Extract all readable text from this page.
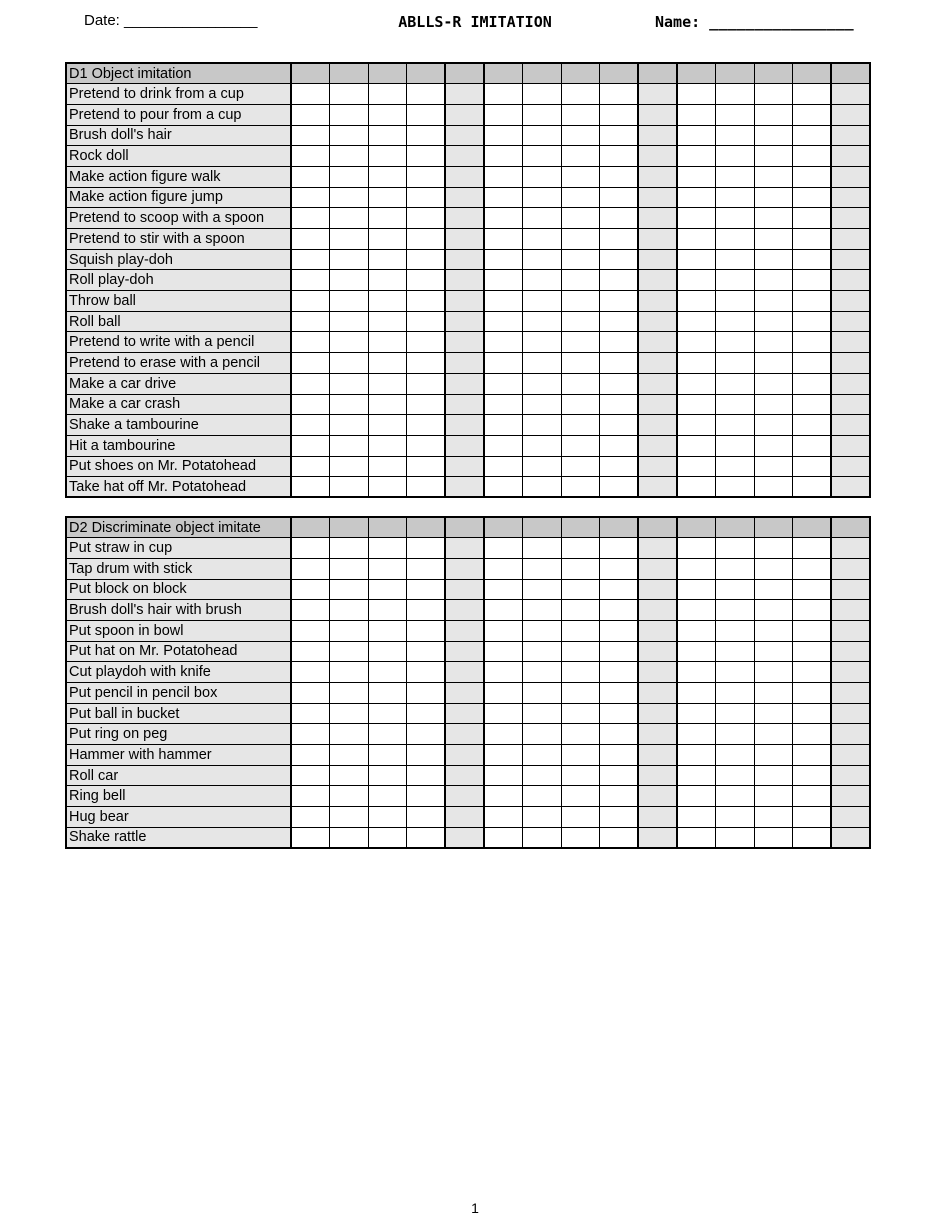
Date: ________________	ABLLS-R IMITATION	Name: ________________
D1 Object imitation															
Pretend to drink from a cup															
Pretend to pour from a cup															
Brush doll's hair															
Rock doll															
Make action figure walk															
Make action figure jump															
Pretend to scoop with a spoon															
Pretend to stir with a spoon															
Squish play-doh															
Roll play-doh															
Throw ball															
Roll ball															
Pretend to write with a pencil															
Pretend to erase with a pencil															
Make a car drive															
Make a car crash															
Shake a tambourine															
Hit a tambourine															
Put shoes on Mr. Potatohead															
Take hat off Mr. Potatohead															
D2 Discriminate object imitate															
Put straw in cup															
Tap drum with stick															
Put block on block															
Brush doll's hair with brush															
Put spoon in bowl															
Put hat on Mr. Potatohead															
Cut playdoh with knife															
Put pencil in pencil box															
Put ball in bucket															
Put ring on peg															
Hammer with hammer															
Roll car															
Ring bell															
Hug bear															
Shake rattle															
1
